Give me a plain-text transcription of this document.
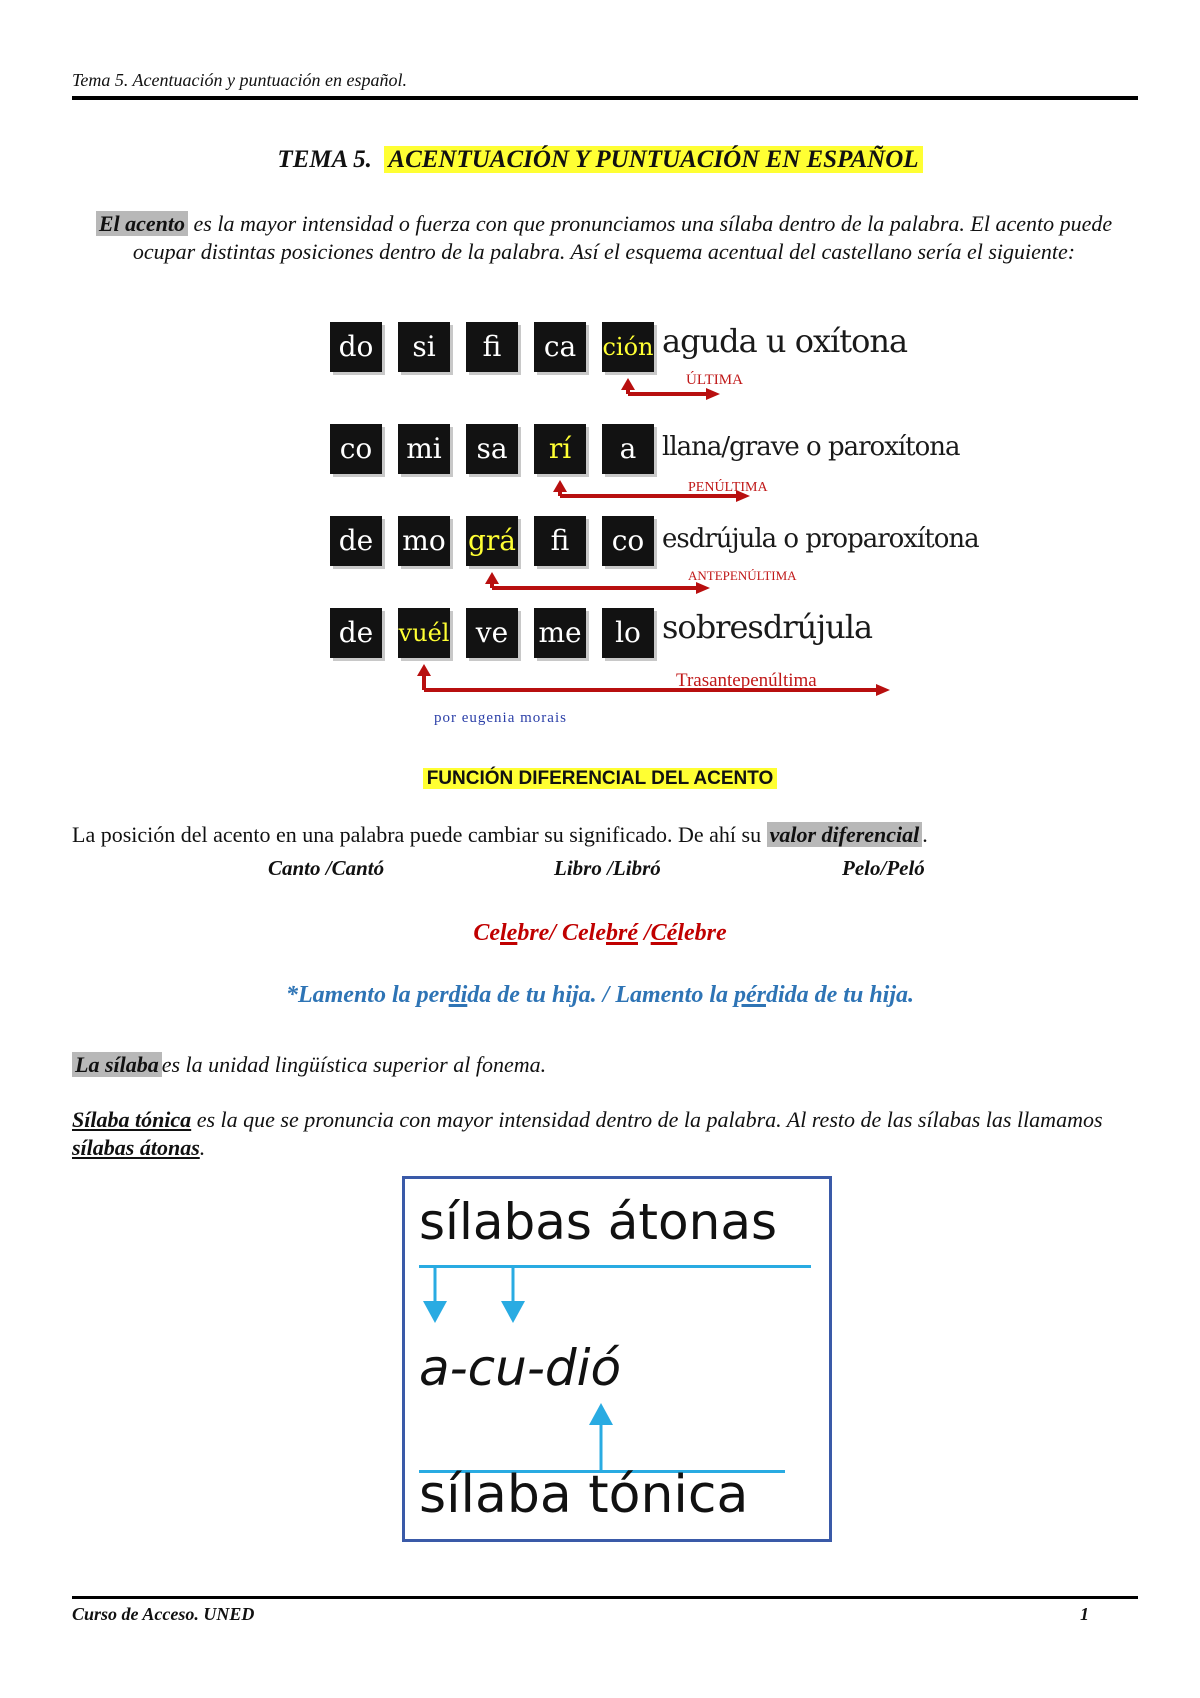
Tema 5. Acentuación y puntuación en español.
TEMA 5. ACENTUACIÓN Y PUNTUACIÓN EN ESPAÑOL
El acento es la mayor intensidad o fuerza con que pronunciamos una sílaba dentro de la palabra. El acento puede ocupar distintas posiciones dentro de la palabra. Así el esquema acentual del castellano sería el siguiente:
do	si	fi	ca	ción aguda u oxítona
ÚLTIMA
co	mi	sa	rí	a llana/grave o paroxítona
PENÚLTIMA
de	mo grá	fi	co esdrújula o proparoxítona
ANTEPENÚLTIMA
de	vuél ve	me	lo sobresdrújula
Trasantepenúltima
por eugenia morais
FUNCIÓN DIFERENCIAL DEL ACENTO
La posición del acento en una palabra puede cambiar su significado. De ahí su valor diferencial .
Canto /Cantó	Libro /Libró	Pelo/Peló
Celebre/ Celebré /Célebre
*Lamento la perdida de tu hija. / Lamento la pérdida de tu hija.
La sílaba es la unidad lingüística superior al fonema.
Sílaba tónica es la que se pronuncia con mayor intensidad dentro de la palabra. Al resto de las sílabas las llamamos sílabas átonas.
sílabas átonas
a-cu-dió
sílaba tónica
Curso de Acceso. UNED	1
